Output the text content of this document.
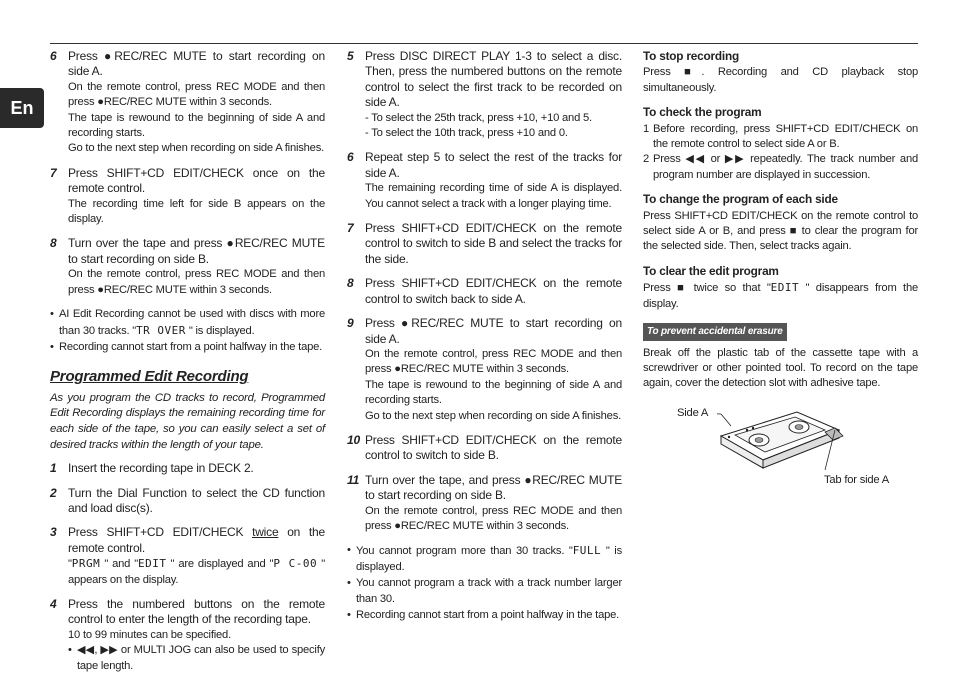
En
6 Press ●REC/REC MUTE to start recording on side A.
On the remote control, press REC MODE and then press ●REC/REC MUTE within 3 seconds.
The tape is rewound to the beginning of side A and recording starts.
Go to the next step when recording on side A finishes.
7 Press SHIFT+CD EDIT/CHECK once on the remote control.
The recording time left for side B appears on the display.
8 Turn over the tape and press ●REC/REC MUTE to start recording on side B.
On the remote control, press REC MODE and then press ●REC/REC MUTE within 3 seconds.
• AI Edit Recording cannot be used with discs with more than 30 tracks. "TR OVER " is displayed.
• Recording cannot start from a point halfway in the tape.
Programmed Edit Recording
As you program the CD tracks to record, Programmed Edit Recording displays the remaining recording time for each side of the tape, so you can easily select a set of desired tracks within the length of your tape.
1 Insert the recording tape in DECK 2.
2 Turn the Dial Function to select the CD function and load disc(s).
3 Press SHIFT+CD EDIT/CHECK twice on the remote control.
"PRGM " and "EDIT " are displayed and "P C-00 " appears on the display.
4 Press the numbered buttons on the remote control to enter the length of the recording tape.
10 to 99 minutes can be specified.
• ◀◀, ▶▶ or MULTI JOG can also be used to specify tape length.
5 Press DISC DIRECT PLAY 1-3 to select a disc. Then, press the numbered buttons on the remote control to select the first track to be recorded on side A.
- To select the 25th track, press +10, +10 and 5.
- To select the 10th track, press +10 and 0.
6 Repeat step 5 to select the rest of the tracks for side A.
The remaining recording time of side A is displayed. You cannot select a track with a longer playing time.
7 Press SHIFT+CD EDIT/CHECK on the remote control to switch to side B and select the tracks for the side.
8 Press SHIFT+CD EDIT/CHECK on the remote control to switch back to side A.
9 Press ●REC/REC MUTE to start recording on side A.
On the remote control, press REC MODE and then press ●REC/REC MUTE within 3 seconds.
The tape is rewound to the beginning of side A and recording starts.
Go to the next step when recording on side A finishes.
10 Press SHIFT+CD EDIT/CHECK on the remote control to switch to side B.
11 Turn over the tape, and press ●REC/REC MUTE to start recording on side B.
On the remote control, press REC MODE and then press ●REC/REC MUTE within 3 seconds.
• You cannot program more than 30 tracks. "FULL " is displayed.
• You cannot program a track with a track number larger than 30.
• Recording cannot start from a point halfway in the tape.
To stop recording
Press ■. Recording and CD playback stop simultaneously.
To check the program
1 Before recording, press SHIFT+CD EDIT/CHECK on the remote control to select side A or B.
2 Press ◀◀ or ▶▶ repeatedly. The track number and program number are displayed in succession.
To change the program of each side
Press SHIFT+CD EDIT/CHECK on the remote control to select side A or B, and press ■ to clear the program for the selected side. Then, select tracks again.
To clear the edit program
Press ■ twice so that "EDIT " disappears from the display.
To prevent accidental erasure
Break off the plastic tab of the cassette tape with a screwdriver or other pointed tool. To record on the tape again, cover the detection slot with adhesive tape.
Side A
Tab for side A
